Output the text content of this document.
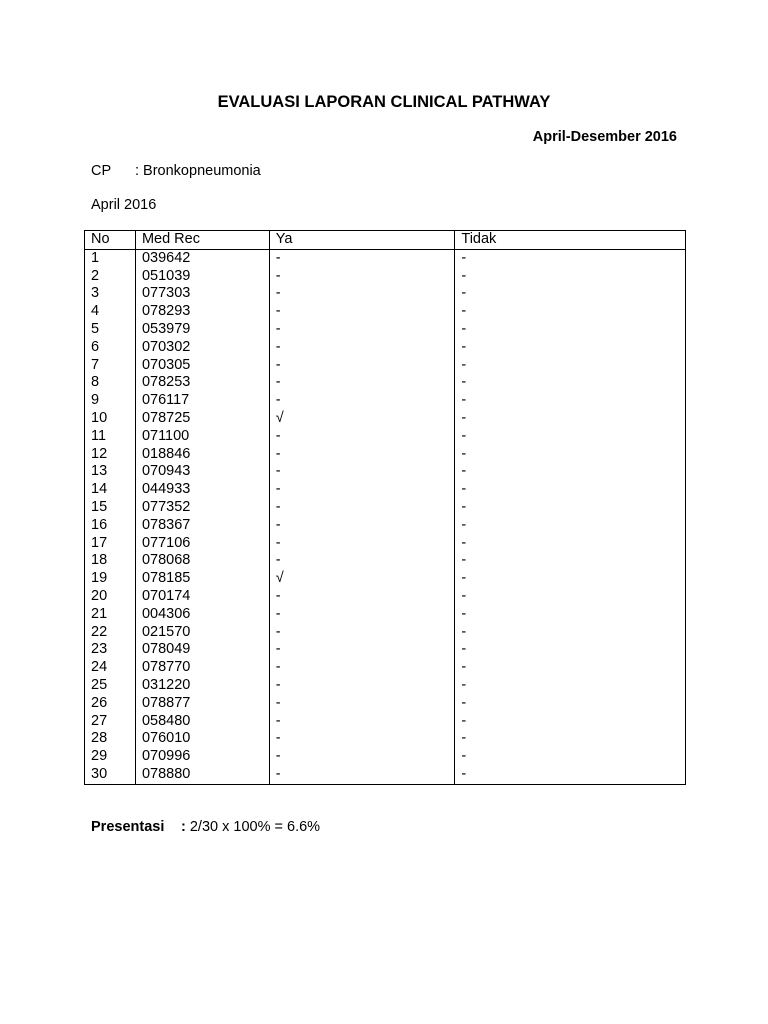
EVALUASI LAPORAN CLINICAL PATHWAY
April-Desember 2016
CP : Bronkopneumonia
April 2016
No	Med Rec	Ya	Tidak
1	039642	-	-
2	051039	-	-
3	077303	-	-
4	078293	-	-
5	053979	-	-
6	070302	-	-
7	070305	-	-
8	078253	-	-
9	076117	-	-
10	078725	√	-
11	071100	-	-
12	018846	-	-
13	070943	-	-
14	044933	-	-
15	077352	-	-
16	078367	-	-
17	077106	-	-
18	078068	-	-
19	078185	√	-
20	070174	-	-
21	004306	-	-
22	021570	-	-
23	078049	-	-
24	078770	-	-
25	031220	-	-
26	078877	-	-
27	058480	-	-
28	076010	-	-
29	070996	-	-
30	078880	-	-
Presentasi : 2/30 x 100% = 6.6%
